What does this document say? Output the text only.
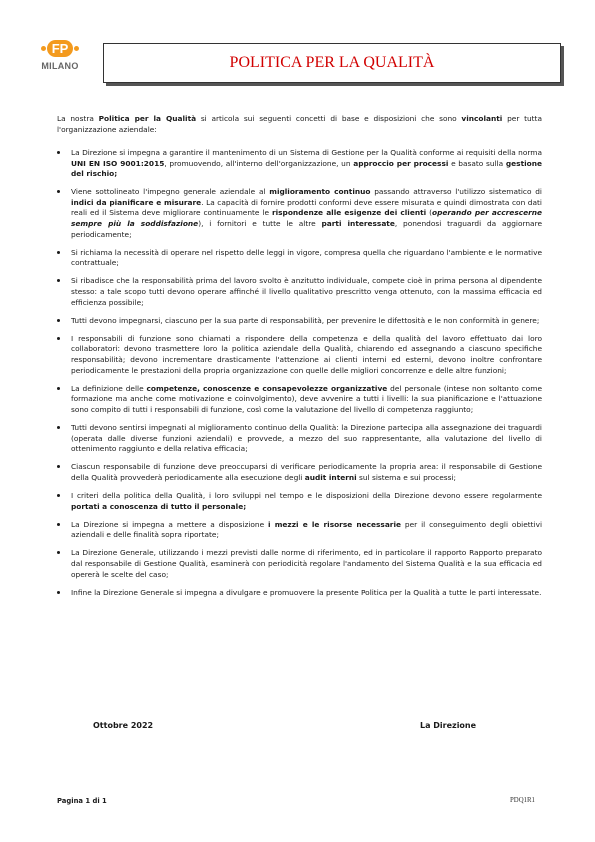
FP
MILANO	POLITICA PER LA QUALITÀ

La nostra Politica per la Qualità si articola sui seguenti concetti di base e disposizioni che sono vincolanti per tutta l'organizzazione aziendale:

La Direzione si impegna a garantire il mantenimento di un Sistema di Gestione per la Qualità conforme ai requisiti della norma UNI EN ISO 9001:2015, promuovendo, all'interno dell'organizzazione, un approccio per processi e basato sulla gestione del rischio;
Viene sottolineato l'impegno generale aziendale al miglioramento continuo passando attraverso l'utilizzo sistematico di indici da pianificare e misurare. La capacità di fornire prodotti conformi deve essere misurata e quindi dimostrata con dati reali ed il Sistema deve migliorare continuamente le rispondenze alle esigenze dei clienti (operando per accrescerne sempre più la soddisfazione), i fornitori e tutte le altre parti interessate, ponendosi traguardi da aggiornare periodicamente;
Si richiama la necessità di operare nel rispetto delle leggi in vigore, compresa quella che riguardano l'ambiente e le normative contrattuale;
Si ribadisce che la responsabilità prima del lavoro svolto è anzitutto individuale, compete cioè in prima persona al dipendente stesso: a tale scopo tutti devono operare affinché il livello qualitativo prescritto venga ottenuto, con la massima efficacia ed efficienza possibile;
Tutti devono impegnarsi, ciascuno per la sua parte di responsabilità, per prevenire le difettosità e le non conformità in genere;
I responsabili di funzione sono chiamati a rispondere della competenza e della qualità del lavoro effettuato dai loro collaboratori: devono trasmettere loro la politica aziendale della Qualità, chiarendo ed assegnando a ciascuno specifiche responsabilità; devono incrementare drasticamente l'attenzione ai clienti interni ed esterni, devono inoltre confrontare periodicamente le prestazioni della propria organizzazione con quelle delle migliori concorrenze e delle altre funzioni;
La definizione delle competenze, conoscenze e consapevolezze organizzative del personale (intese non soltanto come formazione ma anche come motivazione e coinvolgimento), deve avvenire a tutti i livelli: la sua pianificazione e l'attuazione sono compito di tutti i responsabili di funzione, così come la valutazione del livello di competenza raggiunto;
Tutti devono sentirsi impegnati al miglioramento continuo della Qualità: la Direzione partecipa alla assegnazione dei traguardi (operata dalle diverse funzioni aziendali) e provvede, a mezzo del suo rappresentante, alla valutazione del livello di ottenimento raggiunto e della relativa efficacia;
Ciascun responsabile di funzione deve preoccuparsi di verificare periodicamente la propria area: il responsabile di Gestione della Qualità provvederà periodicamente alla esecuzione degli audit interni sul sistema e sui processi;
I criteri della politica della Qualità, i loro sviluppi nel tempo e le disposizioni della Direzione devono essere regolarmente portati a conoscenza di tutto il personale;
La Direzione si impegna a mettere a disposizione i mezzi e le risorse necessarie per il conseguimento degli obiettivi aziendali e delle finalità sopra riportate;
La Direzione Generale, utilizzando i mezzi previsti dalle norme di riferimento, ed in particolare il rapporto Rapporto preparato dal responsabile di Gestione Qualità, esaminerà con periodicità regolare l'andamento del Sistema Qualità e la sua efficacia ed opererà le scelte del caso;
Infine la Direzione Generale si impegna a divulgare e promuovere la presente Politica per la Qualità a tutte le parti interessate.
Ottobre 2022	La Direzione
Pagina 1 di 1	PDQ1R1
